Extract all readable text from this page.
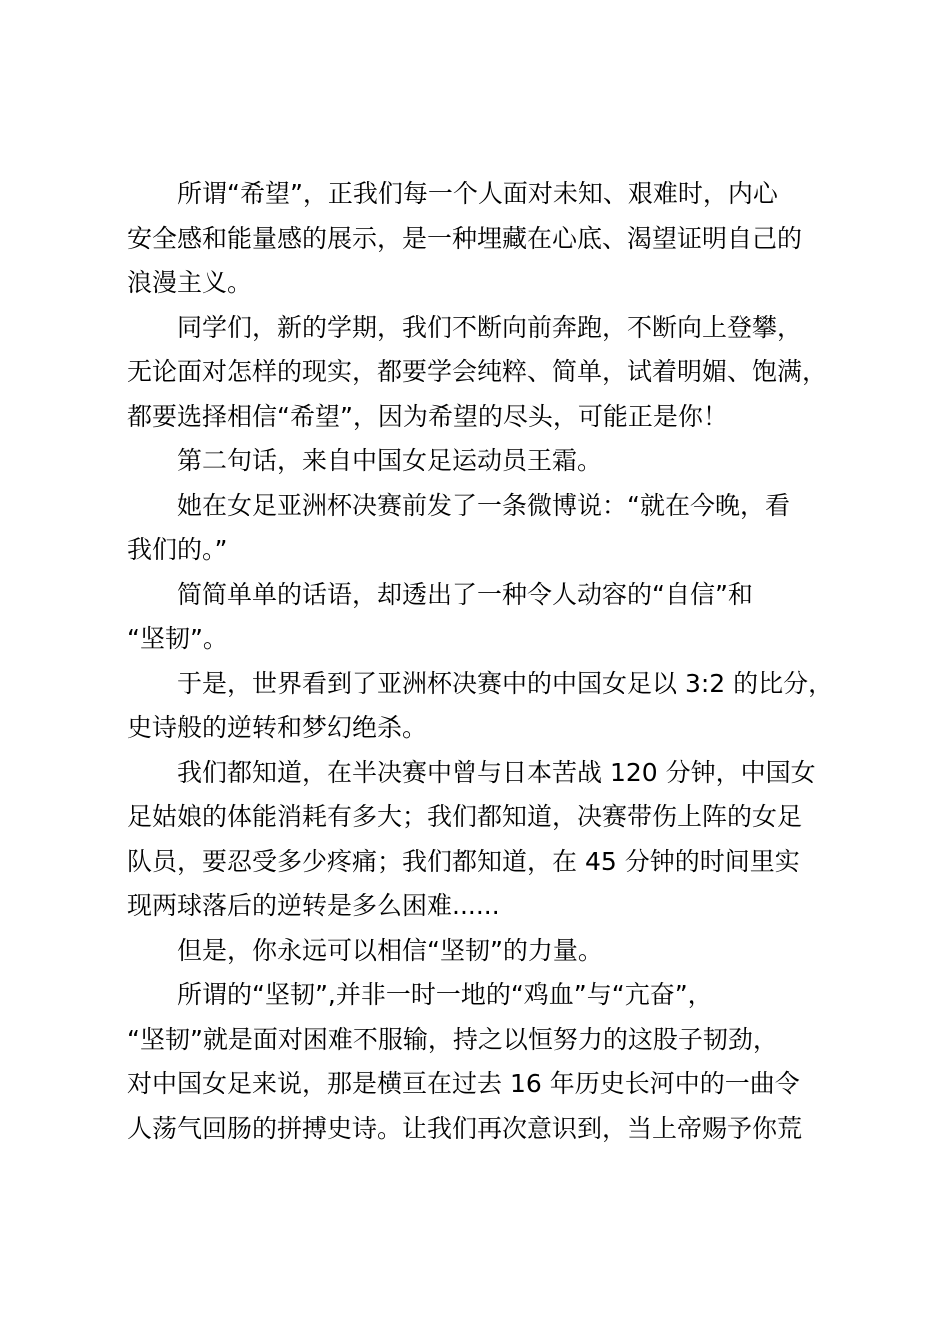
所谓“希望”，正我们每一个人面对未知、艰难时，内心
安全感和能量感的展示，是一种埋藏在心底、渴望证明自己的
浪漫主义。

同学们，新的学期，我们不断向前奔跑，不断向上登攀，
无论面对怎样的现实，都要学会纯粹、简单，试着明媚、饱满，
都要选择相信“希望”，因为希望的尽头，可能正是你！

第二句话，来自中国女足运动员王霜。

她在女足亚洲杯决赛前发了一条微博说：“就在今晚，看
我们的。”

简简单单的话语，却透出了一种令人动容的“自信”和
“坚韧”。

于是，世界看到了亚洲杯决赛中的中国女足以 3:2 的比分，
史诗般的逆转和梦幻绝杀。

我们都知道，在半决赛中曾与日本苦战 120 分钟，中国女
足姑娘的体能消耗有多大；我们都知道，决赛带伤上阵的女足
队员，要忍受多少疼痛；我们都知道，在 45 分钟的时间里实
现两球落后的逆转是多么困难......

但是，你永远可以相信“坚韧”的力量。

所谓的“坚韧”,并非一时一地的“鸡血”与“亢奋”，
“坚韧”就是面对困难不服输，持之以恒努力的这股子韧劲，
对中国女足来说，那是横亘在过去 16 年历史长河中的一曲令
人荡气回肠的拼搏史诗。让我们再次意识到，当上帝赐予你荒
